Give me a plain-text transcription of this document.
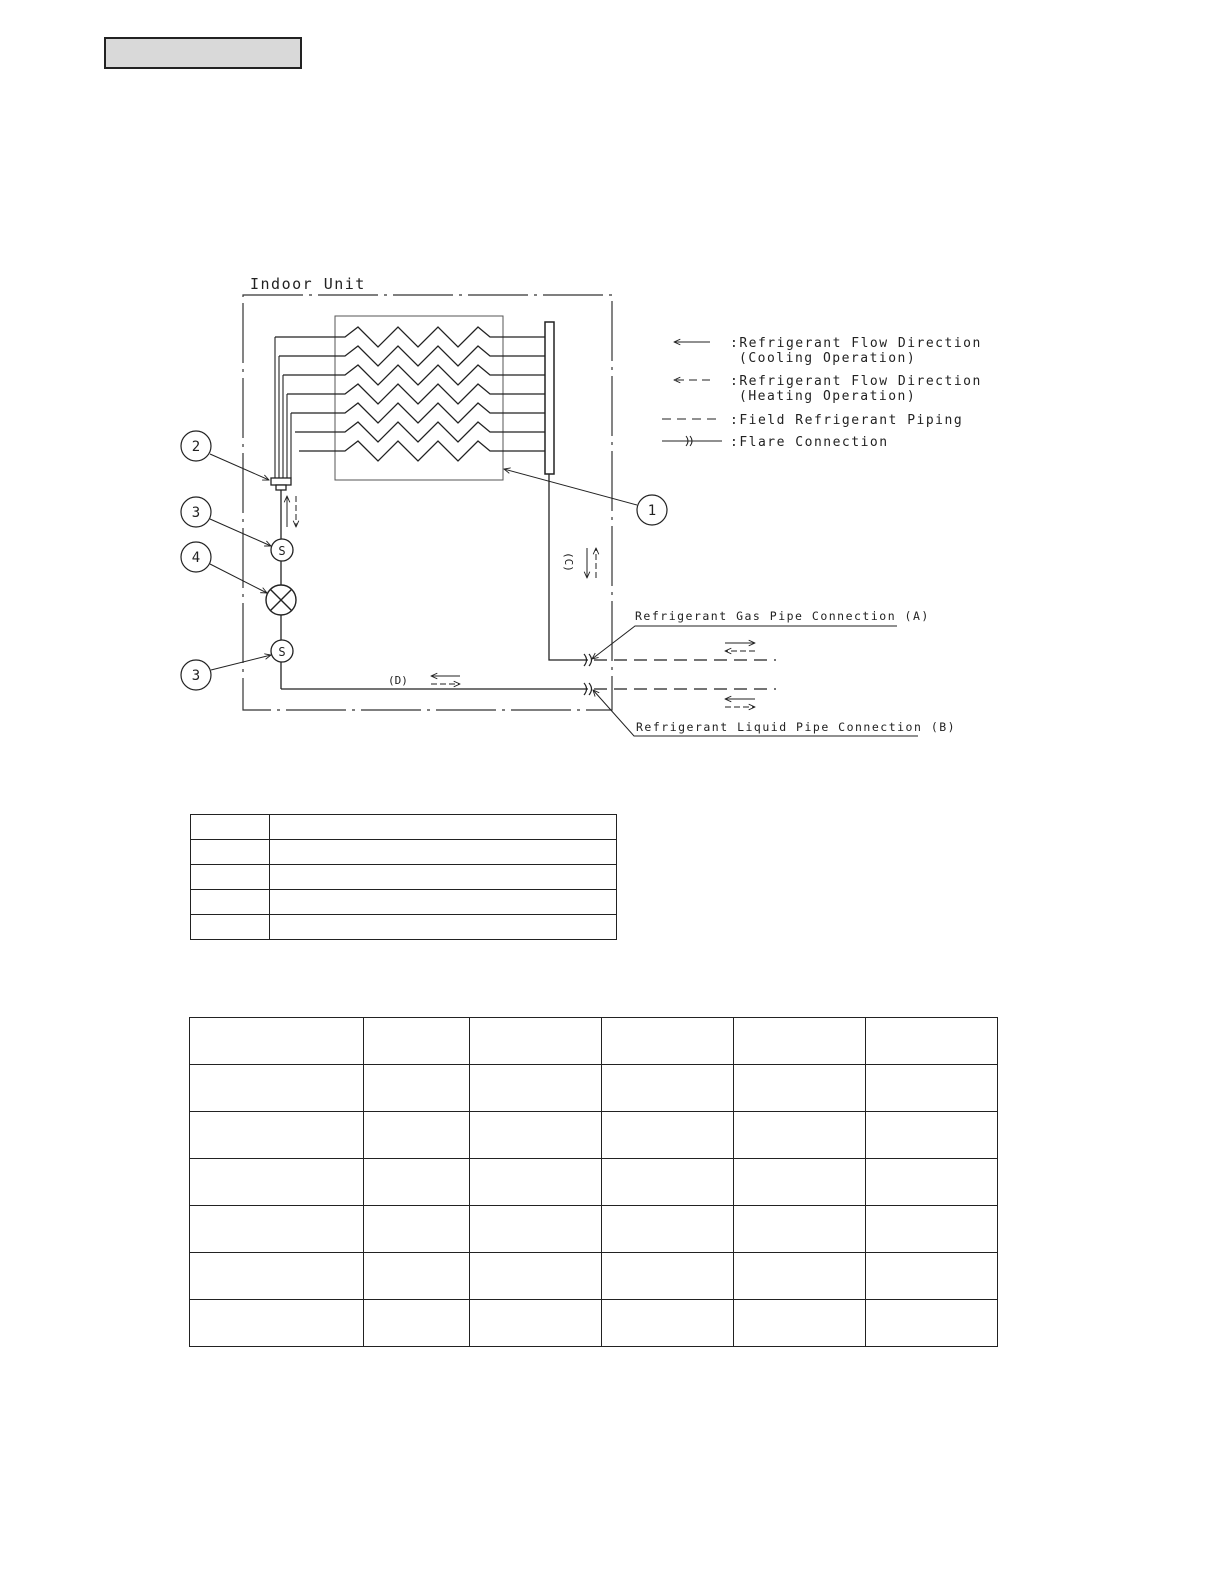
Indoor Unit
S
S
2
3
4
3
1
(C)
(D)
Refrigerant Gas Pipe Connection (A)
Refrigerant Liquid Pipe Connection (B)
:Refrigerant Flow Direction
(Cooling Operation)
:Refrigerant Flow Direction
(Heating Operation)
:Field Refrigerant Piping
:Flare Connection
